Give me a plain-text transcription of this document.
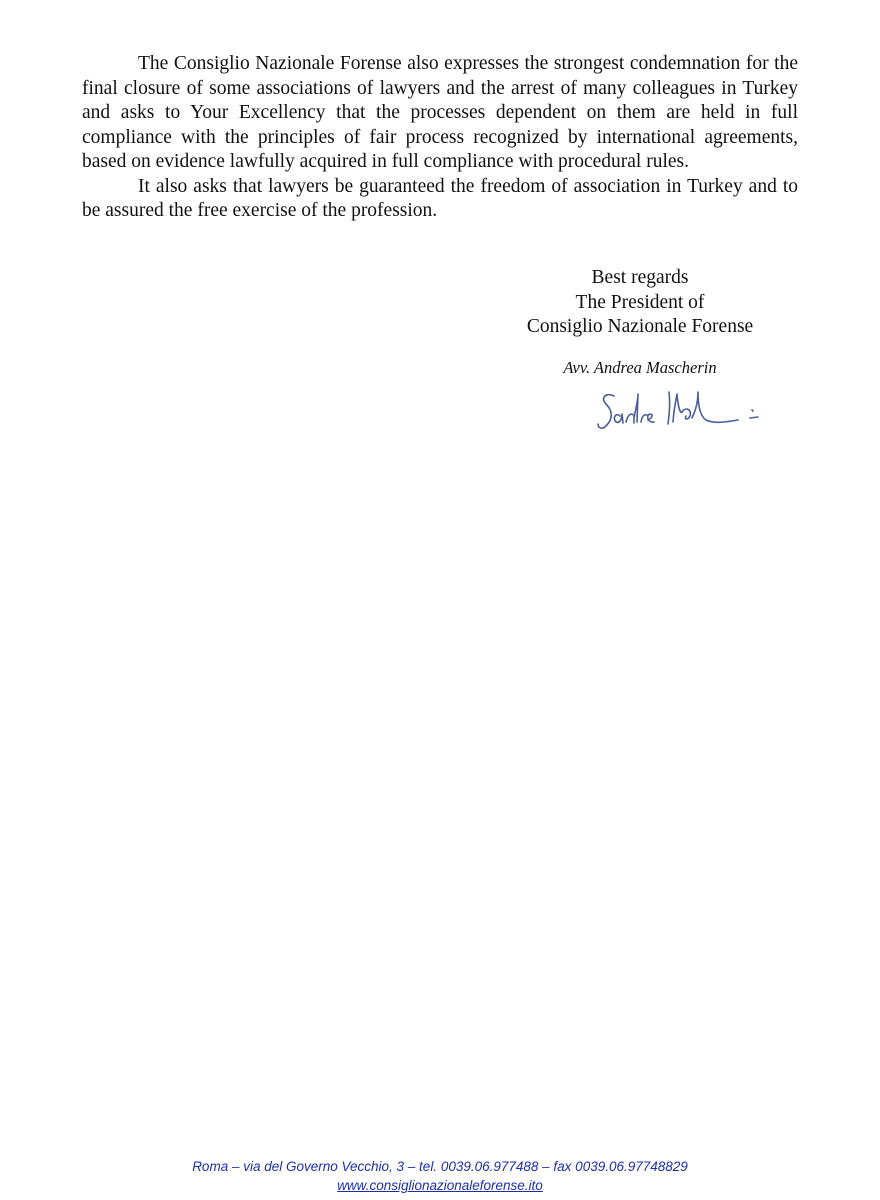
The Consiglio Nazionale Forense also expresses the strongest condemnation for the final closure of some associations of lawyers and the arrest of many colleagues in Turkey and asks to Your Excellency that the processes dependent on them are held in full compliance with the principles of fair process recognized by international agreements, based on evidence lawfully acquired in full compliance with procedural rules.

It also asks that lawyers be guaranteed the freedom of association in Turkey and to be assured the free exercise of the profession.

Best regards
The President of
Consiglio Nazionale Forense
Avv. Andrea Mascherin
Roma – via del Governo Vecchio, 3 – tel. 0039.06.977488 – fax 0039.06.97748829
www.consiglionazionaleforense.ito
